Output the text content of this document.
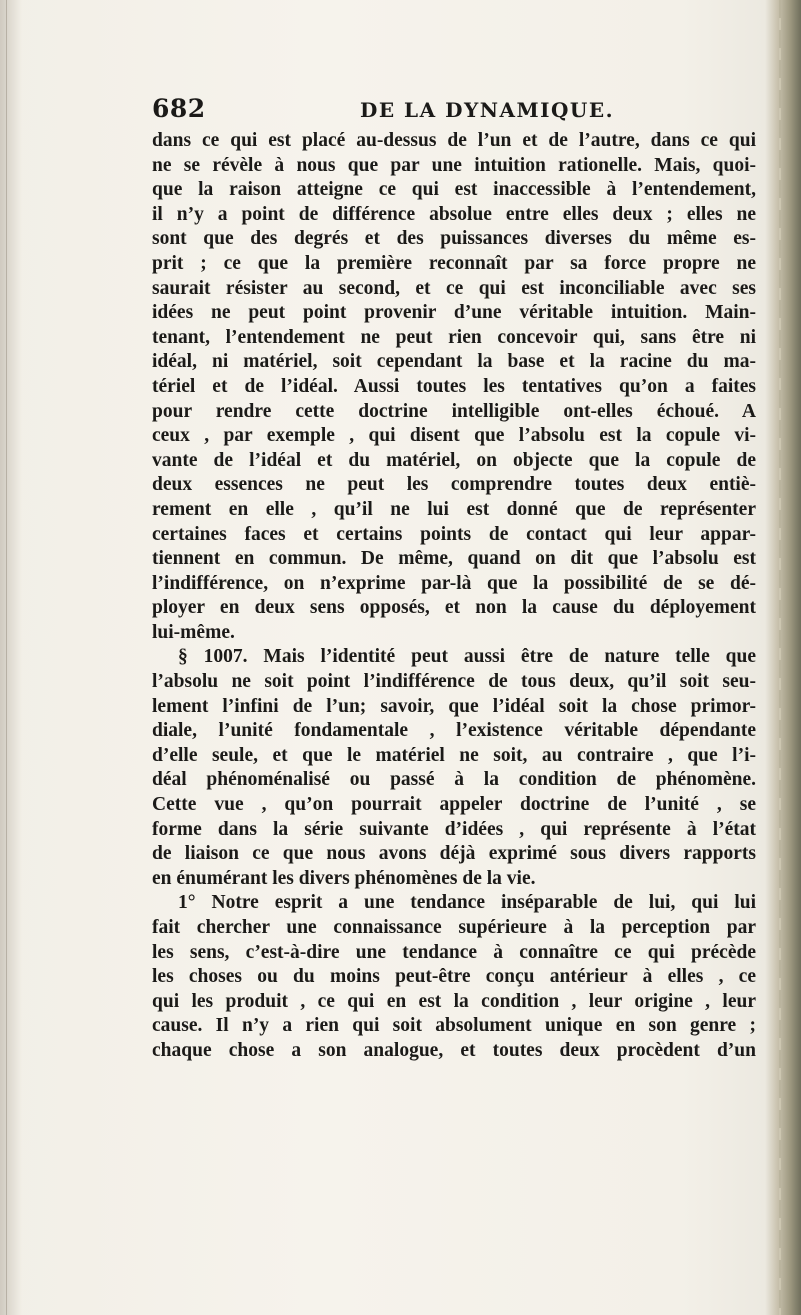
682	DE LA DYNAMIQUE.
dans ce qui est placé au-dessus de l’un et de l’autre, dans ce qui
ne se révèle à nous que par une intuition rationelle. Mais, quoi-
que la raison atteigne ce qui est inaccessible à l’entendement,
il n’y a point de différence absolue entre elles deux ; elles ne
sont que des degrés et des puissances diverses du même es-
prit ; ce que la première reconnaît par sa force propre ne
saurait résister au second, et ce qui est inconciliable avec ses
idées ne peut point provenir d’une véritable intuition. Main-
tenant, l’entendement ne peut rien concevoir qui, sans être ni
idéal, ni matériel, soit cependant la base et la racine du ma-
tériel et de l’idéal. Aussi toutes les tentatives qu’on a faites
pour rendre cette doctrine intelligible ont-elles échoué. A
ceux , par exemple , qui disent que l’absolu est la copule vi-
vante de l’idéal et du matériel, on objecte que la copule de
deux essences ne peut les comprendre toutes deux entiè-
rement en elle , qu’il ne lui est donné que de représenter
certaines faces et certains points de contact qui leur appar-
tiennent en commun. De même, quand on dit que l’absolu est
l’indifférence, on n’exprime par-là que la possibilité de se dé-
ployer en deux sens opposés, et non la cause du déployement
lui-même.
§ 1007. Mais l’identité peut aussi être de nature telle que
l’absolu ne soit point l’indifférence de tous deux, qu’il soit seu-
lement l’infini de l’un; savoir, que l’idéal soit la chose primor-
diale, l’unité fondamentale , l’existence véritable dépendante
d’elle seule, et que le matériel ne soit, au contraire , que l’i-
déal phénoménalisé ou passé à la condition de phénomène.
Cette vue , qu’on pourrait appeler doctrine de l’unité , se
forme dans la série suivante d’idées , qui représente à l’état
de liaison ce que nous avons déjà exprimé sous divers rapports
en énumérant les divers phénomènes de la vie.
1° Notre esprit a une tendance inséparable de lui, qui lui
fait chercher une connaissance supérieure à la perception par
les sens, c’est-à-dire une tendance à connaître ce qui précède
les choses ou du moins peut-être conçu antérieur à elles , ce
qui les produit , ce qui en est la condition , leur origine , leur
cause. Il n’y a rien qui soit absolument unique en son genre ;
chaque chose a son analogue, et toutes deux procèdent d’un
